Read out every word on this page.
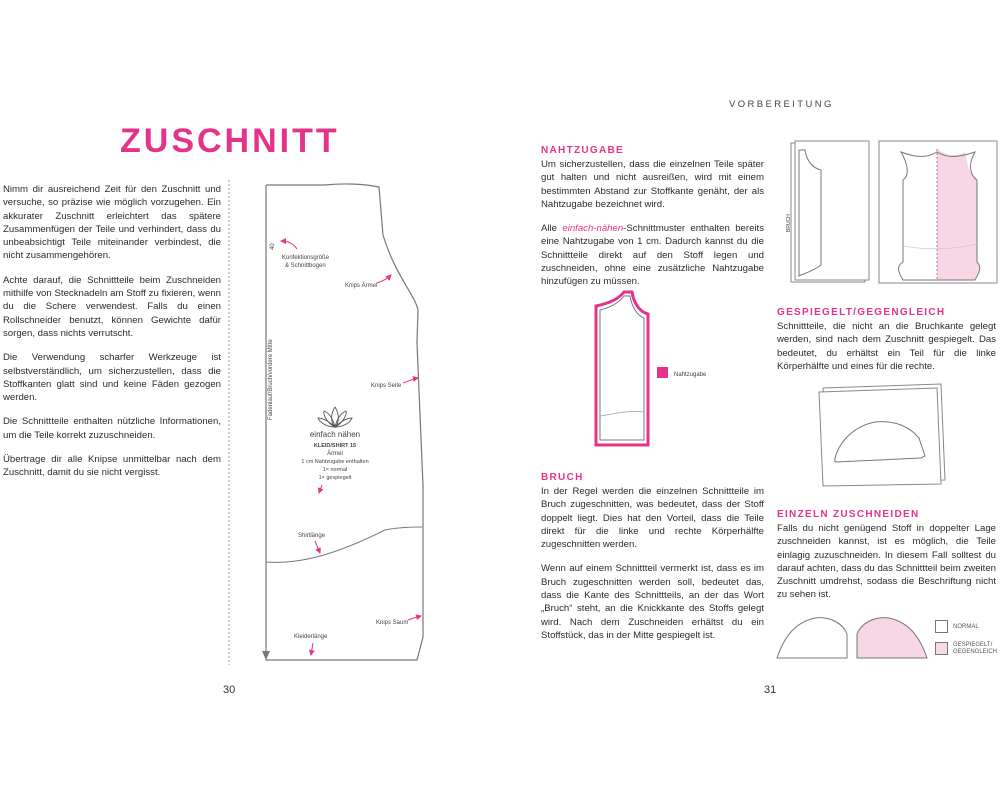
VORBEREITUNG
ZUSCHNITT

Nimm dir ausreichend Zeit für den Zuschnitt und versuche, so präzise wie möglich vorzugehen. Ein akkurater Zuschnitt erleichtert das spätere Zusammenfügen der Teile und verhindert, dass du unbeabsichtigt Teile miteinander verbindest, die nicht zusammengehören.

Achte darauf, die Schnittteile beim Zuschneiden mithilfe von Stecknadeln am Stoff zu fixieren, wenn du die Schere verwendest. Falls du einen Rollschneider benutzt, können Gewichte dafür sorgen, dass nichts verrutscht.

Die Verwendung scharfer Werkzeuge ist selbstverständlich, um sicherzustellen, dass die Stoffkanten glatt sind und keine Fäden gezogen werden.

Die Schnittteile enthalten nützliche Informationen, um die Teile korrekt zuzuschneiden.

Übertrage dir alle Knipse unmittelbar nach dem Zuschnitt, damit du sie nicht vergisst.

40
Fadenlauf/Bruch/vordere Mitte
Konfektionsgröße
& Schnittbogen
Knips Ärmel
Knips Seite
einfach nähen
KLEID/SHIRT 15
Ärmel
1 cm Nahtzugabe enthalten
1× normal
1× gespiegelt
Shirtlänge
Knips Saum
Kleiderlänge
30
NAHTZUGABE

Um sicherzustellen, dass die einzelnen Teile später gut halten und nicht ausreißen, wird mit einem bestimmten Abstand zur Stoffkante genäht, der als Nahtzugabe bezeichnet wird.

Alle einfach-nähen-Schnittmuster enthalten bereits eine Nahtzugabe von 1 cm. Dadurch kannst du die Schnittteile direkt auf den Stoff legen und zuschneiden, ohne eine zusätzliche Nahtzugabe hinzufügen zu müssen.

Nahtzugabe
BRUCH

In der Regel werden die einzelnen Schnittteile im Bruch zugeschnitten, was bedeutet, dass der Stoff doppelt liegt. Dies hat den Vorteil, dass die Teile direkt für die linke und rechte Körperhälfte zugeschnitten werden.

Wenn auf einem Schnittteil vermerkt ist, dass es im Bruch zugeschnitten werden soll, bedeutet das, dass die Kante des Schnittteils, an der das Wort „Bruch“ steht, an die Knickkante des Stoffs gelegt wird. Nach dem Zuschneiden erhältst du ein Stoffstück, das in der Mitte gespiegelt ist.

BRUCH
GESPIEGELT/GEGENGLEICH

Schnittteile, die nicht an die Bruchkante gelegt werden, sind nach dem Zuschnitt gespiegelt. Das bedeutet, du erhältst ein Teil für die linke Körperhälfte und eines für die rechte.

EINZELN ZUSCHNEIDEN

Falls du nicht genügend Stoff in doppelter Lage zuschneiden kannst, ist es möglich, die Teile einlagig zuzuschneiden. In diesem Fall solltest du darauf achten, dass du das Schnittteil beim zweiten Zuschnitt umdrehst, sodass die Beschriftung nicht zu sehen ist.

NORMAL
GESPIEGELT/
GEGENGLEICH
31
